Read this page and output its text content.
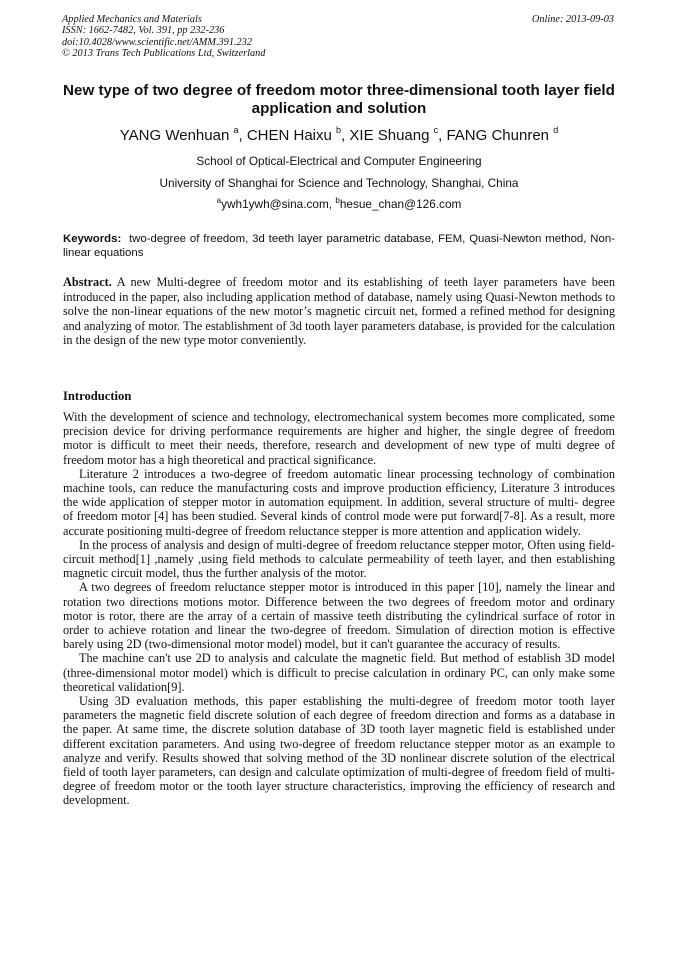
Applied Mechanics and Materials
ISSN: 1662-7482, Vol. 391, pp 232-236
doi:10.4028/www.scientific.net/AMM.391.232
© 2013 Trans Tech Publications Ltd, Switzerland
Online: 2013-09-03
New type of two degree of freedom motor three-dimensional tooth layer field application and solution
YANG Wenhuan $^a$, CHEN Haixu $^b$, XIE Shuang $^c$, FANG Chunren $^d$
School of Optical-Electrical and Computer Engineering
University of Shanghai for Science and Technology, Shanghai, China
$^a$ywh1ywh@sina.com, $^b$hesue_chan@126.com

Keywords: two-degree of freedom, 3d teeth layer parametric database, FEM, Quasi-Newton method, Non-linear equations

Abstract. A new Multi-degree of freedom motor and its establishing of teeth layer parameters have been introduced in the paper, also including application method of database, namely using Quasi-Newton methods to solve the non-linear equations of the new motor’s magnetic circuit net, formed a refined method for designing and analyzing of motor. The establishment of 3d tooth layer parameters database, is provided for the calculation in the design of the new type motor conveniently.

Introduction

With the development of science and technology, electromechanical system becomes more complicated, some precision device for driving performance requirements are higher and higher, the single degree of freedom motor is difficult to meet their needs, therefore, research and development of new type of multi degree of freedom motor has a high theoretical and practical significance.

Literature 2 introduces a two-degree of freedom automatic linear processing technology of combination machine tools, can reduce the manufacturing costs and improve production efficiency, Literature 3 introduces the wide application of stepper motor in automation equipment. In addition, several structure of multi- degree of freedom motor [4] has been studied. Several kinds of control mode were put forward[7-8]. As a result, more accurate positioning multi-degree of freedom reluctance stepper is more attention and application widely.

In the process of analysis and design of multi-degree of freedom reluctance stepper motor, Often using field-circuit method[1] ,namely ,using field methods to calculate permeability of teeth layer, and then establishing magnetic circuit model, thus the further analysis of the motor.

A two degrees of freedom reluctance stepper motor is introduced in this paper [10], namely the linear and rotation two directions motions motor. Difference between the two degrees of freedom motor and ordinary motor is rotor, there are the array of a certain of massive teeth distributing the cylindrical surface of rotor in order to achieve rotation and linear the two-degree of freedom. Simulation of direction motion is effective barely using 2D (two-dimensional motor model) model, but it can't guarantee the accuracy of results.

The machine can't use 2D to analysis and calculate the magnetic field. But method of establish 3D model (three-dimensional motor model) which is difficult to precise calculation in ordinary PC, can only make some theoretical validation[9].

Using 3D evaluation methods, this paper establishing the multi-degree of freedom motor tooth layer parameters the magnetic field discrete solution of each degree of freedom direction and forms as a database in the paper. At same time, the discrete solution database of 3D tooth layer magnetic field is established under different excitation parameters. And using two-degree of freedom reluctance stepper motor as an example to analyze and verify. Results showed that solving method of the 3D nonlinear discrete solution of the electrical field of tooth layer parameters, can design and calculate optimization of multi-degree of freedom field of multi-degree of freedom motor or the tooth layer structure characteristics, improving the efficiency of research and development.
